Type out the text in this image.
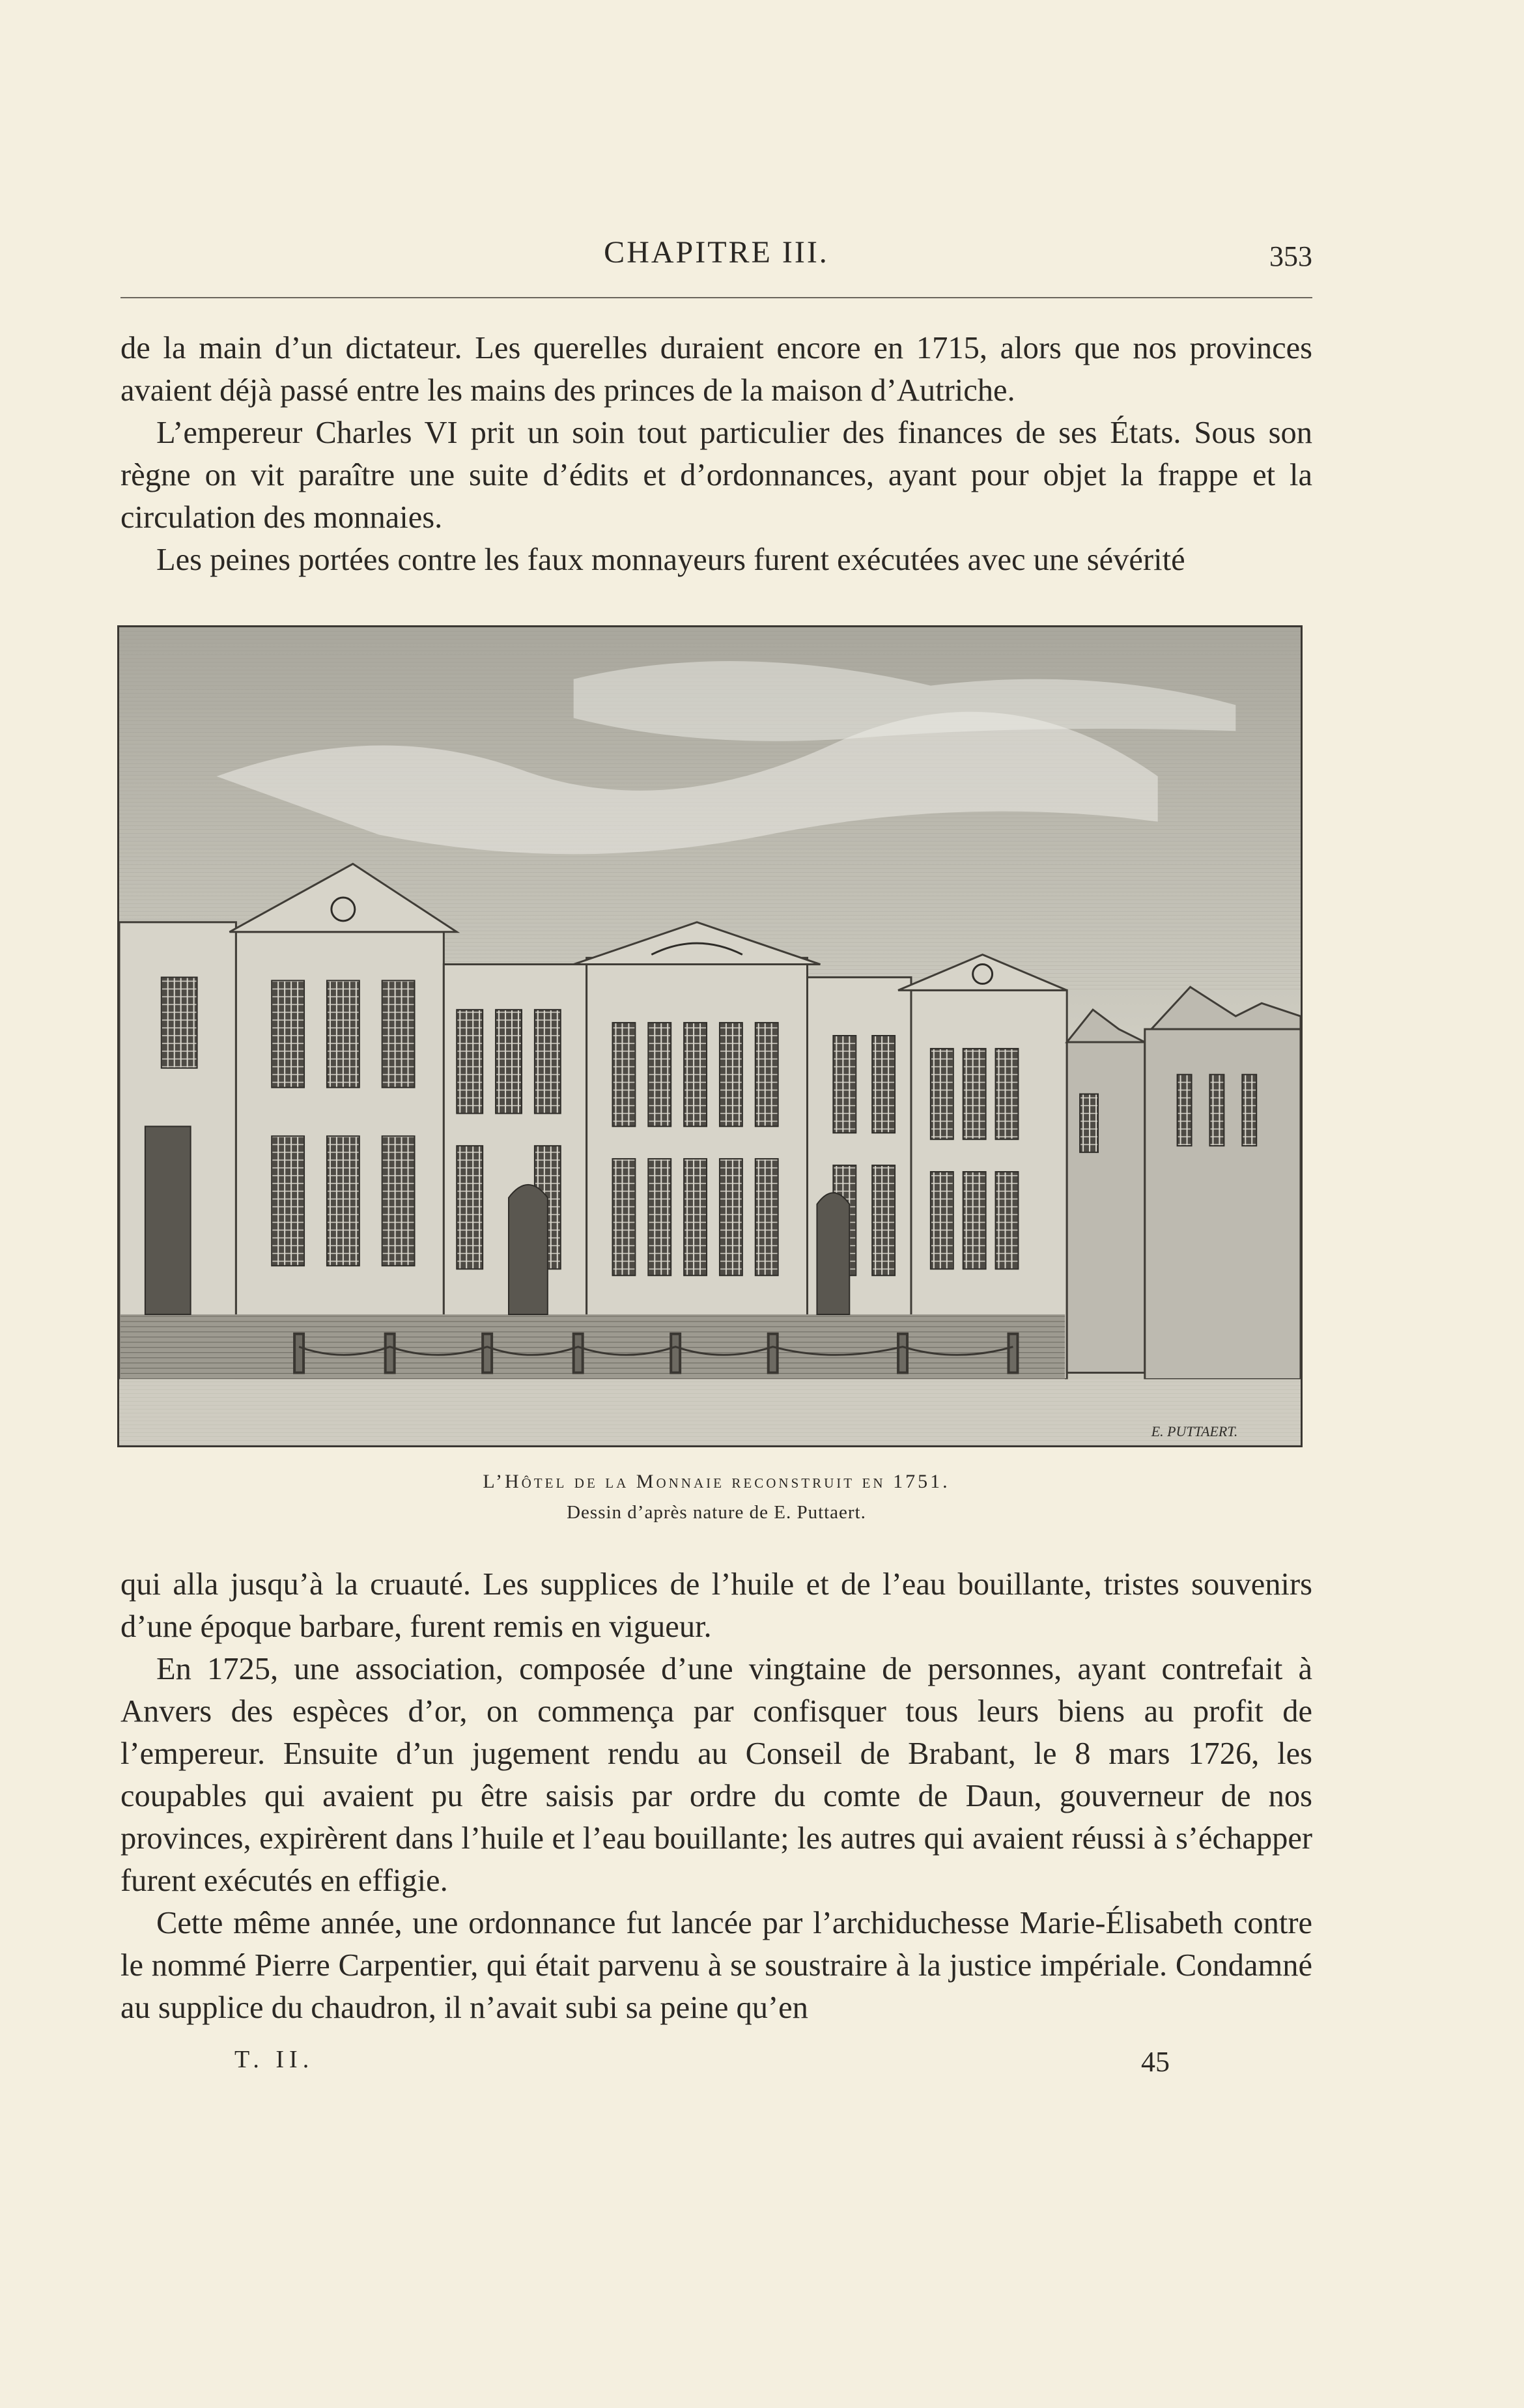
CHAPITRE III.	353

de la main d’un dictateur. Les querelles duraient encore en 1715, alors que nos provinces avaient déjà passé entre les mains des princes de la maison d’Autriche.

L’empereur Charles VI prit un soin tout particulier des finances de ses États. Sous son règne on vit paraître une suite d’édits et d’ordonnances, ayant pour objet la frappe et la circulation des monnaies.

Les peines portées contre les faux monnayeurs furent exécutées avec une sévérité

E. PUTTAERT.
L’Hôtel de la Monnaie reconstruit en 1751.
Dessin d’après nature de E. Puttaert.

qui alla jusqu’à la cruauté. Les supplices de l’huile et de l’eau bouillante, tristes souvenirs d’une époque barbare, furent remis en vigueur.

En 1725, une association, composée d’une vingtaine de personnes, ayant contrefait à Anvers des espèces d’or, on commença par confisquer tous leurs biens au profit de l’empereur. Ensuite d’un jugement rendu au Conseil de Brabant, le 8 mars 1726, les coupables qui avaient pu être saisis par ordre du comte de Daun, gouverneur de nos provinces, expirèrent dans l’huile et l’eau bouillante; les autres qui avaient réussi à s’échapper furent exécutés en effigie.

Cette même année, une ordonnance fut lancée par l’archiduchesse Marie-Élisabeth contre le nommé Pierre Carpentier, qui était parvenu à se soustraire à la justice impériale. Condamné au supplice du chaudron, il n’avait subi sa peine qu’en

T. II.	45
